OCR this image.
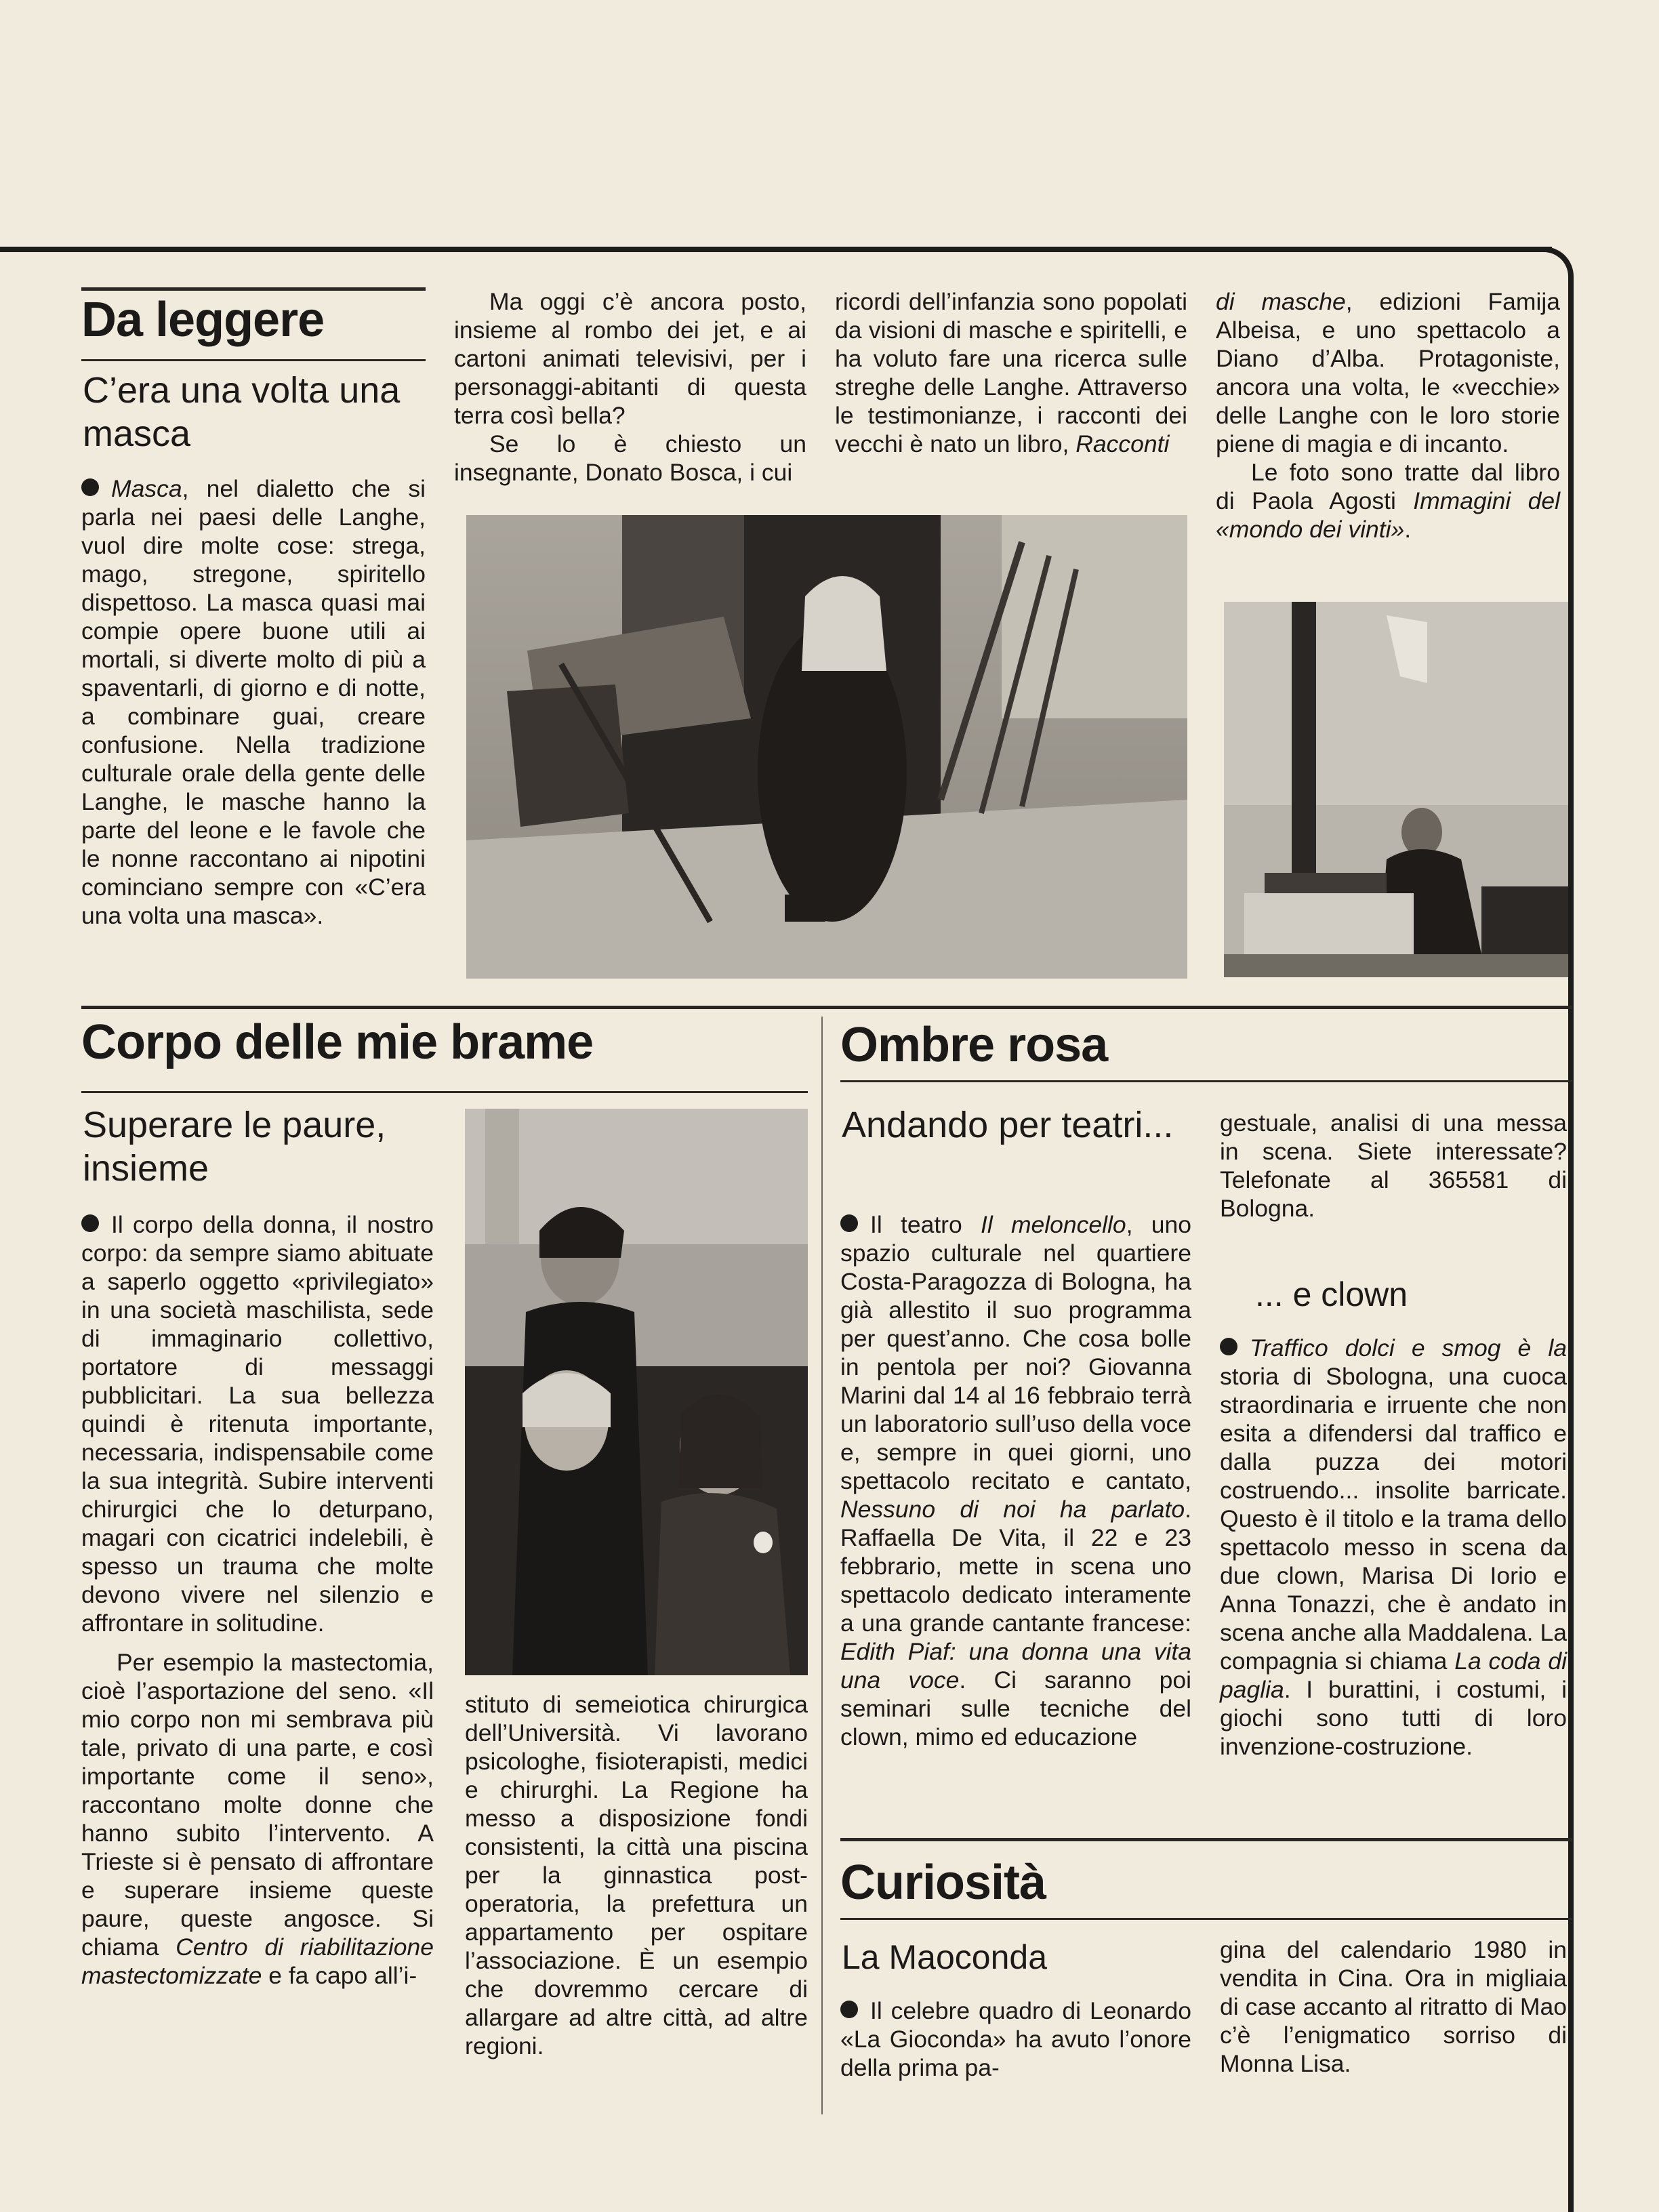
Da leggere
C’era una volta una masca

Masca, nel dialetto che si parla nei paesi delle Langhe, vuol dire molte cose: strega, mago, stregone, spiritello dispettoso. La masca quasi mai compie opere buone utili ai mortali, si diverte molto di più a spaventarli, di giorno e di notte, a combinare guai, creare confusione. Nella tradizione culturale orale della gente delle Langhe, le masche hanno la parte del leone e le favole che le nonne raccontano ai nipotini cominciano sempre con «C’era una volta una masca».

Ma oggi c’è ancora posto, insieme al rombo dei jet, e ai cartoni animati televisivi, per i personaggi-abitanti di questa terra così bella?

Se lo è chiesto un insegnante, Donato Bosca, i cui

ricordi dell’infanzia sono popolati da visioni di masche e spiritelli, e ha voluto fare una ricerca sulle streghe delle Langhe. Attraverso le testimonianze, i racconti dei vecchi è nato un libro, Racconti

di masche, edizioni Famija Albeisa, e uno spettacolo a Diano d’Alba. Protagoniste, ancora una volta, le «vecchie» delle Langhe con le loro storie piene di magia e di incanto.

Le foto sono tratte dal libro di Paola Agosti Immagini del «mondo dei vinti».

Corpo delle mie brame
Superare le paure, insieme

Il corpo della donna, il nostro corpo: da sempre siamo abituate a saperlo oggetto «privilegiato» in una società maschilista, sede di immaginario collettivo, portatore di messaggi pubblicitari. La sua bellezza quindi è ritenuta importante, necessaria, indispensabile come la sua integrità. Subire interventi chirurgici che lo deturpano, magari con cicatrici indelebili, è spesso un trauma che molte devono vivere nel silenzio e affrontare in solitudine.

Per esempio la mastectomia, cioè l’asportazione del seno. «Il mio corpo non mi sembrava più tale, privato di una parte, e così importante come il seno», raccontano molte donne che hanno subito l’intervento. A Trieste si è pensato di affrontare e superare insieme queste paure, queste angosce. Si chiama Centro di riabilitazione mastectomizzate e fa capo all’i-

stituto di semeiotica chirurgica dell’Università. Vi lavorano psicologhe, fisioterapisti, medici e chirurghi. La Regione ha messo a disposizione fondi consistenti, la città una piscina per la ginnastica post-operatoria, la prefettura un appartamento per ospitare l’associazione. È un esempio che dovremmo cercare di allargare ad altre città, ad altre regioni.

Ombre rosa
Andando per teatri...

Il teatro Il meloncello, uno spazio culturale nel quartiere Costa-Paragozza di Bologna, ha già allestito il suo programma per quest’anno. Che cosa bolle in pentola per noi? Giovanna Marini dal 14 al 16 febbraio terrà un laboratorio sull’uso della voce e, sempre in quei giorni, uno spettacolo recitato e cantato, Nessuno di noi ha parlato. Raffaella De Vita, il 22 e 23 febbrario, mette in scena uno spettacolo dedicato interamente a una grande cantante francese: Edith Piaf: una donna una vita una voce. Ci saranno poi seminari sulle tecniche del clown, mimo ed educazione

gestuale, analisi di una messa in scena. Siete interessate? Telefonate al 365581 di Bologna.

... e clown

Traffico dolci e smog è la storia di Sbologna, una cuoca straordinaria e irruente che non esita a difendersi dal traffico e dalla puzza dei motori costruendo... insolite barricate. Questo è il titolo e la trama dello spettacolo messo in scena da due clown, Marisa Di Iorio e Anna Tonazzi, che è andato in scena anche alla Maddalena. La compagnia si chiama La coda di paglia. I burattini, i costumi, i giochi sono tutti di loro invenzione-costruzione.

Curiosità
La Maoconda

Il celebre quadro di Leonardo «La Gioconda» ha avuto l’onore della prima pa-

gina del calendario 1980 in vendita in Cina. Ora in migliaia di case accanto al ritratto di Mao c’è l’enigmatico sorriso di Monna Lisa.
